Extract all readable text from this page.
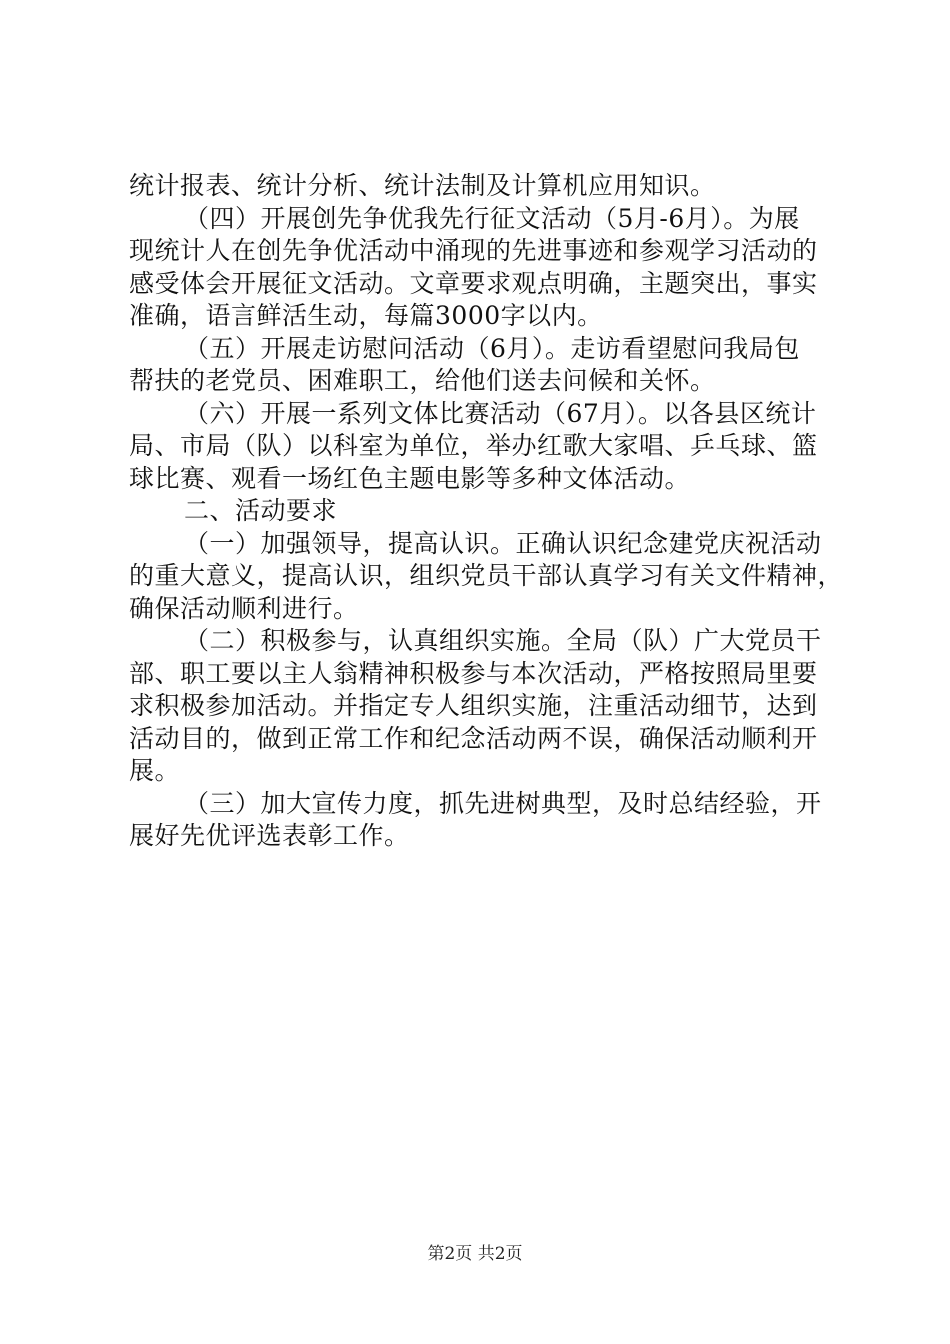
统计报表、统计分析、统计法制及计算机应用知识。
（四）开展创先争优我先行征文活动（5月-6月）。为展
现统计人在创先争优活动中涌现的先进事迹和参观学习活动的
感受体会开展征文活动。文章要求观点明确，主题突出，事实
准确，语言鲜活生动，每篇3000字以内。
（五）开展走访慰问活动（6月）。走访看望慰问我局包
帮扶的老党员、困难职工，给他们送去问候和关怀。
（六）开展一系列文体比赛活动（67月）。以各县区统计
局、市局（队）以科室为单位，举办红歌大家唱、乒乓球、篮
球比赛、观看一场红色主题电影等多种文体活动。
二、活动要求
（一）加强领导，提高认识。正确认识纪念建党庆祝活动
的重大意义，提高认识，组织党员干部认真学习有关文件精神，
确保活动顺利进行。
（二）积极参与，认真组织实施。全局（队）广大党员干
部、职工要以主人翁精神积极参与本次活动，严格按照局里要
求积极参加活动。并指定专人组织实施，注重活动细节，达到
活动目的，做到正常工作和纪念活动两不误，确保活动顺利开
展。
（三）加大宣传力度，抓先进树典型，及时总结经验，开
展好先优评选表彰工作。
第2页 共2页
